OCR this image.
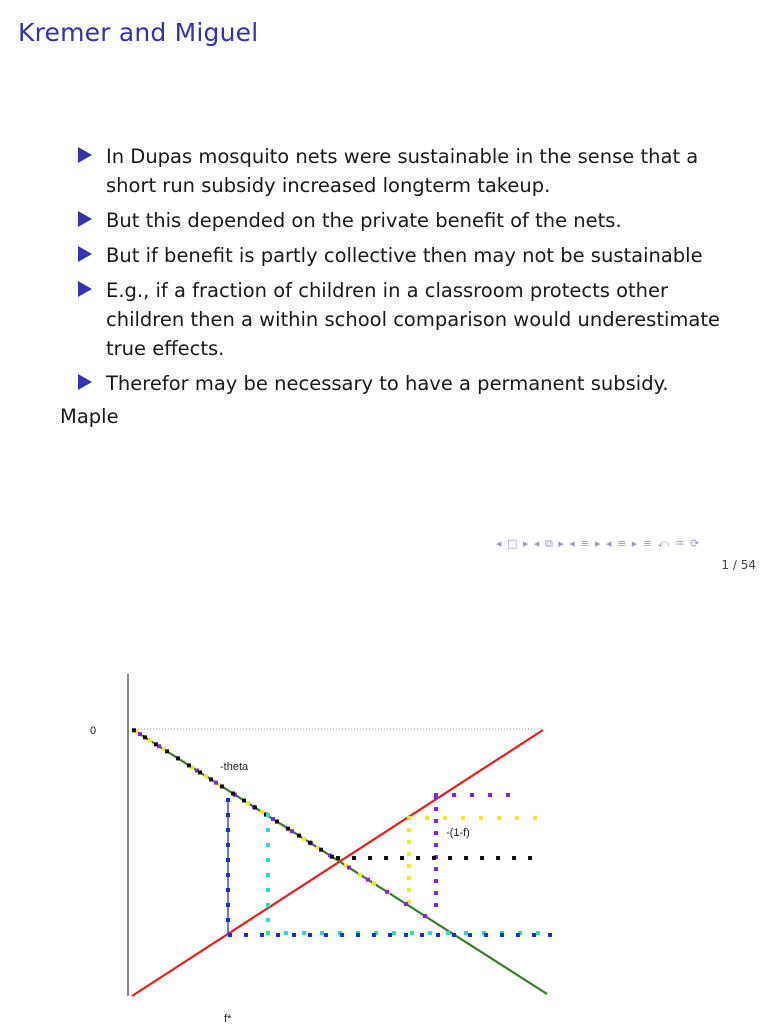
Kremer and Miguel
In Dupas mosquito nets were sustainable in the sense that a short run subsidy increased longterm takeup.
But this depended on the private benefit of the nets.
But if benefit is partly collective then may not be sustainable
E.g., if a fraction of children in a classroom protects other children then a within school comparison would underestimate true effects.
Therefor may be necessary to have a permanent subsidy.
Maple
◂ □ ▸ ◂ ⧉ ▸ ◂ ≡ ▸ ◂ ≡ ▸ ≡ ⤺ ♒ ⟳
1 / 54
0
-theta
-(1-f)
f*
